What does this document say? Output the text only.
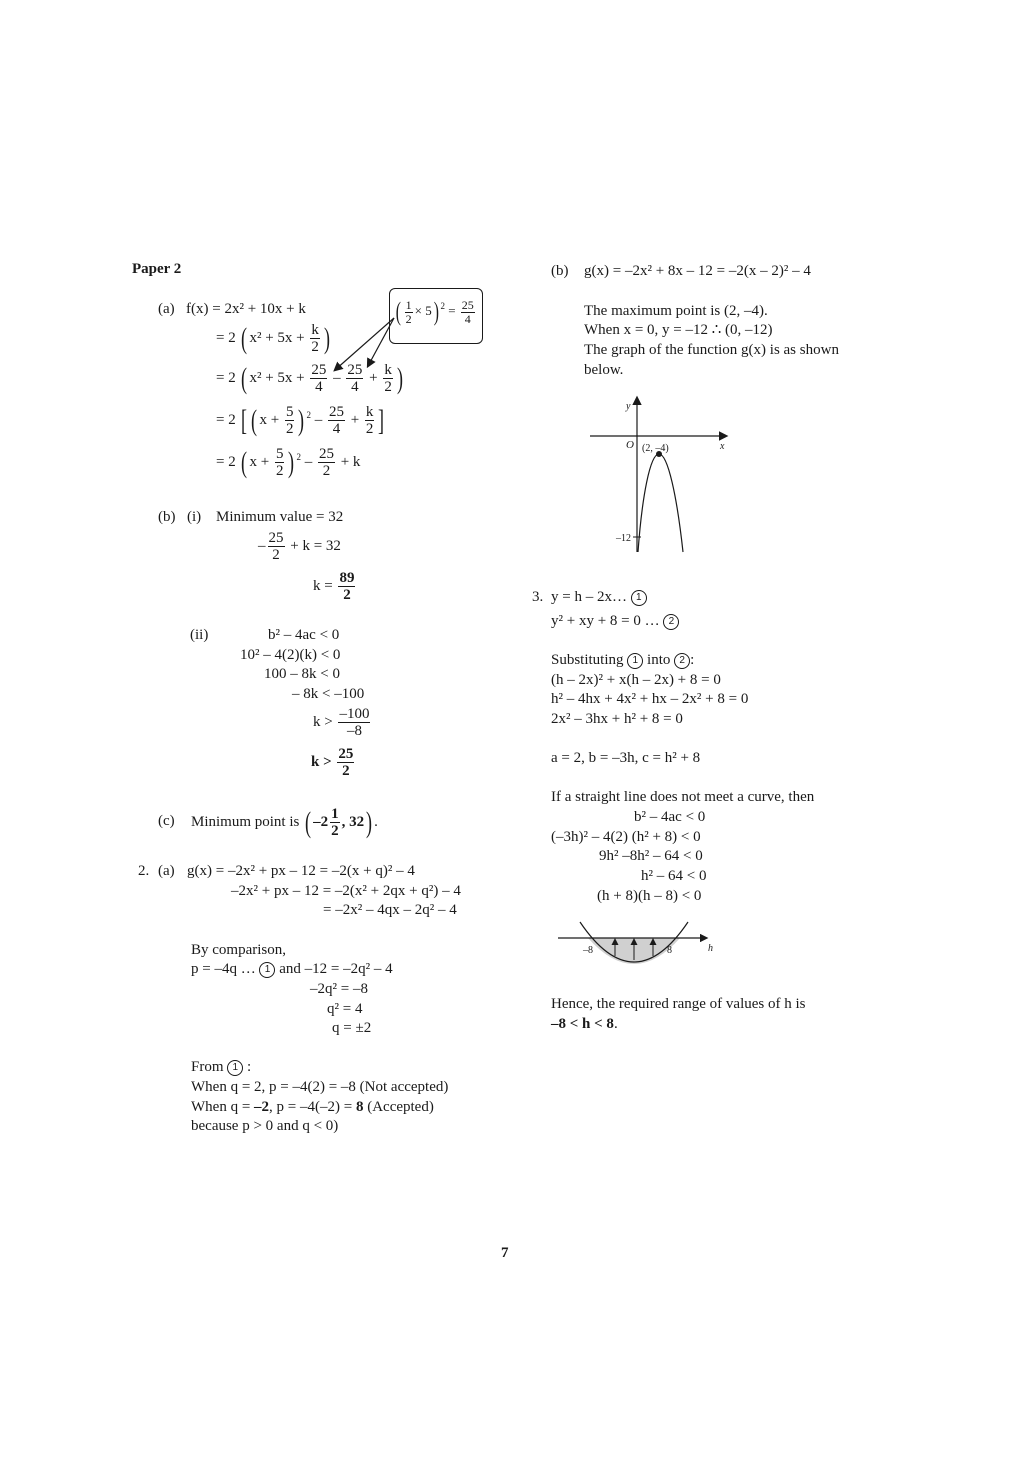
Paper 2
(a) f(x) = 2x² + 10x + k
= 2 ( $x^2 + 5x + \frac{k}{2}$ )
= 2 ( $x^2 + 5x + \frac{25}{4} - \frac{25}{4} + \frac{k}{2}$ )
= 2 [ ( $x + \frac{5}{2}$ ) $^2 - \frac{25}{4} + \frac{k}{2}$ ]
= 2 ( $x + \frac{5}{2}$ ) $^2 - \frac{25}{2} + k$
( $\frac{1}{2} \times 5$) $^2 = \frac{25}{4}$
(b) (i) Minimum value = 32
– $\frac{25}{2} + k = 32$
$k = \frac{89}{2}$
(ii)	b² – 4ac < 0
10² – 4(2)(k) < 0
100 – 8k < 0
– 8k < –100
$k > \frac{-100}{-8}$
$k > \frac{25}{2}$
(c) Minimum point is ( $-2 \frac{1}{2}$ , 32) .
2. (a) g(x) = –2x² + px – 12 = –2(x + q)² – 4
–2x² + px – 12 = –2(x² + 2qx + q²) – 4
= –2x² – 4qx – 2q² – 4
By comparison,
p = –4q … 1 and –12 = –2q² – 4
–2q² = –8
q² = 4
q = ±2
From 1 :
When q = 2, p = –4(2) = –8 (Not accepted)
When q = –2, p = –4(–2) = 8 (Accepted)
because p > 0 and q < 0)
(b) g(x) = –2x² + 8x – 12 = –2(x – 2)² – 4
The maximum point is (2, –4).
When x = 0, y = –12 ∴ (0, –12)
The graph of the function g(x) is as shown
below.
y
x
O (2, –4)
–12
3. y = h – 2x… 1
y² + xy + 8 = 0 … 2
Substituting 1 into 2 :
(h – 2x)² + x(h – 2x) + 8 = 0
h² – 4hx + 4x² + hx – 2x² + 8 = 0
2x² – 3hx + h² + 8 = 0
a = 2, b = –3h, c = h² + 8
If a straight line does not meet a curve, then
b² – 4ac < 0
(–3h)² – 4(2) (h² + 8) < 0
9h² –8h² – 64 < 0
h² – 64 < 0
(h + 8)(h – 8) < 0
–8	8	h
Hence, the required range of values of h is
–8 < h < 8.
7
